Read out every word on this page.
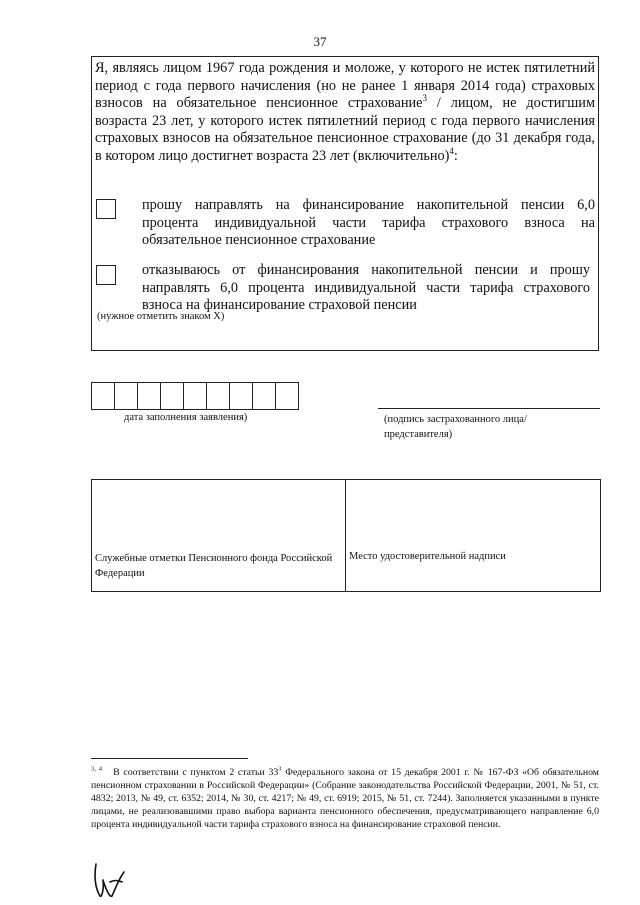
37
Я, являясь лицом 1967 года рождения и моложе, у которого не истек пятилетний период с года первого начисления (но не ранее 1 января 2014 года) страховых взносов на обязательное пенсионное страхование$^3$ / лицом, не достигшим возраста 23 лет, у которого истек пятилетний период с года первого начисления страховых взносов на обязательное пенсионное страхование (до 31 декабря года, в котором лицо достигнет возраста 23 лет (включительно)$^4$:
прошу направлять на финансирование накопительной пенсии 6,0 процента индивидуальной части тарифа страхового взноса на обязательное пенсионное страхование
отказываюсь от финансирования накопительной пенсии и прошу направлять 6,0 процента индивидуальной части тарифа страхового взноса на финансирование страховой пенсии
(нужное отметить знаком X)
дата заполнения заявления)	(подпись застрахованного лица/ представителя)
Служебные отметки Пенсионного фонда Российской Федерации
Место удостоверительной надписи
$^{3, 4}$ В соответствии с пунктом 2 статьи $33^3$ Федерального закона от 15 декабря 2001 г. № 167-ФЗ «Об обязательном пенсионном страховании в Российской Федерации» (Собрание законодательства Российской Федерации, 2001, № 51, ст. 4832; 2013, № 49, ст. 6352; 2014, № 30, ст. 4217; № 49, ст. 6919; 2015, № 51, ст. 7244). Заполняется указанными в пункте лицами, не реализовавшими право выбора варианта пенсионного обеспечения, предусматривающего направление 6,0 процента индивидуальной части тарифа страхового взноса на финансирование страховой пенсии.
